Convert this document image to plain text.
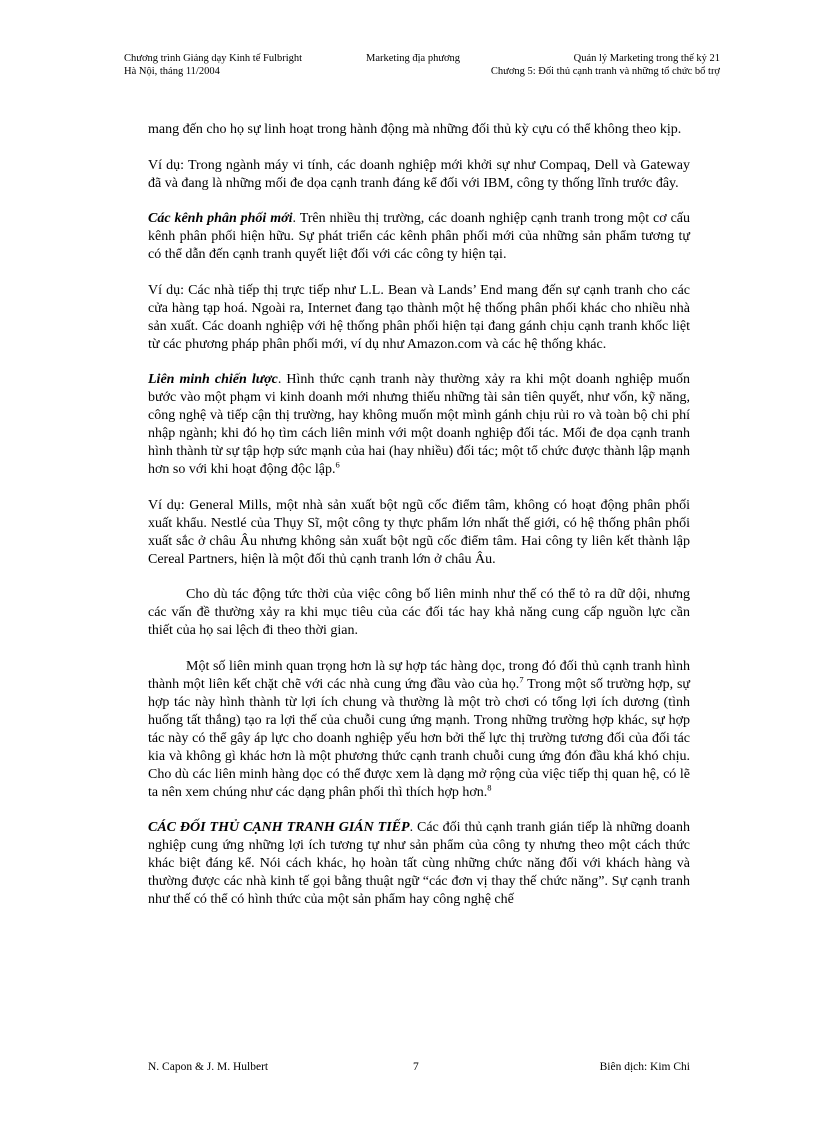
Chương trình Giảng dạy Kinh tế Fulbright
Hà Nội, tháng 11/2004
Marketing địa phương	Quản lý Marketing trong thế kỷ 21
Chương 5: Đối thủ cạnh tranh và những tổ chức bổ trợ

mang đến cho họ sự linh hoạt trong hành động mà những đối thủ kỳ cựu có thể không theo kịp.

Ví dụ: Trong ngành máy vi tính, các doanh nghiệp mới khởi sự như Compaq, Dell và Gateway đã và đang là những mối đe dọa cạnh tranh đáng kể đối với IBM, công ty thống lĩnh trước đây.

Các kênh phân phối mới. Trên nhiều thị trường, các doanh nghiệp cạnh tranh trong một cơ cấu kênh phân phối hiện hữu. Sự phát triển các kênh phân phối mới của những sản phẩm tương tự có thể dẫn đến cạnh tranh quyết liệt đối với các công ty hiện tại.

Ví dụ: Các nhà tiếp thị trực tiếp như L.L. Bean và Lands’ End mang đến sự cạnh tranh cho các cửa hàng tạp hoá. Ngoài ra, Internet đang tạo thành một hệ thống phân phối khác cho nhiều nhà sản xuất. Các doanh nghiệp với hệ thống phân phối hiện tại đang gánh chịu cạnh tranh khốc liệt từ các phương pháp phân phối mới, ví dụ như Amazon.com và các hệ thống khác.

Liên minh chiến lược. Hình thức cạnh tranh này thường xảy ra khi một doanh nghiệp muốn bước vào một phạm vi kinh doanh mới nhưng thiếu những tài sản tiên quyết, như vốn, kỹ năng, công nghệ và tiếp cận thị trường, hay không muốn một mình gánh chịu rủi ro và toàn bộ chi phí nhập ngành; khi đó họ tìm cách liên minh với một doanh nghiệp đối tác. Mối đe dọa cạnh tranh hình thành từ sự tập hợp sức mạnh của hai (hay nhiều) đối tác; một tổ chức được thành lập mạnh hơn so với khi hoạt động độc lập.$^6$

Ví dụ: General Mills, một nhà sản xuất bột ngũ cốc điểm tâm, không có hoạt động phân phối xuất khẩu. Nestlé của Thụy Sĩ, một công ty thực phẩm lớn nhất thế giới, có hệ thống phân phối xuất sắc ở châu Âu nhưng không sản xuất bột ngũ cốc điểm tâm. Hai công ty liên kết thành lập Cereal Partners, hiện là một đối thủ cạnh tranh lớn ở châu Âu.

Cho dù tác động tức thời của việc công bố liên minh như thế có thể tỏ ra dữ dội, nhưng các vấn đề thường xảy ra khi mục tiêu của các đối tác hay khả năng cung cấp nguồn lực cần thiết của họ sai lệch đi theo thời gian.

Một số liên minh quan trọng hơn là sự hợp tác hàng dọc, trong đó đối thủ cạnh tranh hình thành một liên kết chặt chẽ với các nhà cung ứng đầu vào của họ.$^7$ Trong một số trường hợp, sự hợp tác này hình thành từ lợi ích chung và thường là một trò chơi có tổng lợi ích dương (tình huống tất thắng) tạo ra lợi thế của chuỗi cung ứng mạnh. Trong những trường hợp khác, sự hợp tác này có thể gây áp lực cho doanh nghiệp yếu hơn bởi thế lực thị trường tương đối của đối tác kia và không gì khác hơn là một phương thức cạnh tranh chuỗi cung ứng đón đầu khá khó chịu. Cho dù các liên minh hàng dọc có thể được xem là dạng mở rộng của việc tiếp thị quan hệ, có lẽ ta nên xem chúng như các dạng phân phối thì thích hợp hơn.$^8$

CÁC ĐỐI THỦ CẠNH TRANH GIÁN TIẾP. Các đối thủ cạnh tranh gián tiếp là những doanh nghiệp cung ứng những lợi ích tương tự như sản phẩm của công ty nhưng theo một cách thức khác biệt đáng kể. Nói cách khác, họ hoàn tất cùng những chức năng đối với khách hàng và thường được các nhà kinh tế gọi bằng thuật ngữ “các đơn vị thay thế chức năng”. Sự cạnh tranh như thế có thể có hình thức của một sản phẩm hay công nghệ chế

N. Capon & J. M. Hulbert	7	Biên dịch: Kim Chi
